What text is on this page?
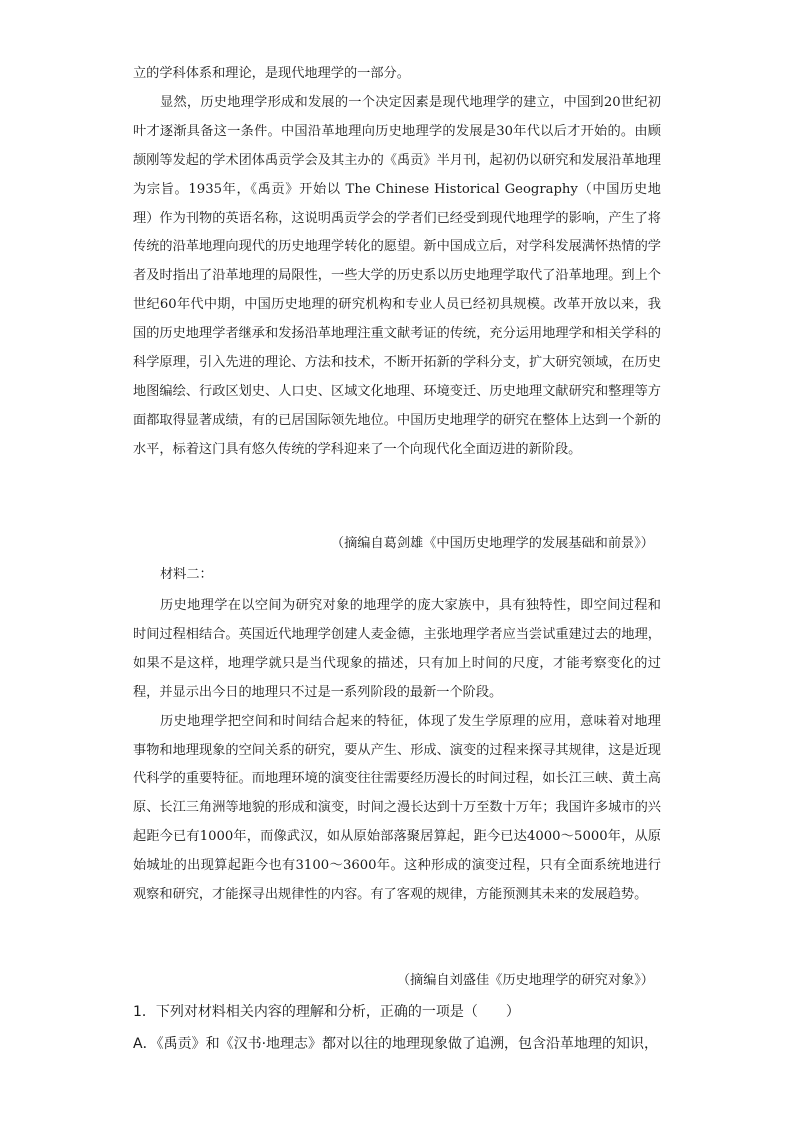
立的学科体系和理论，是现代地理学的一部分。

显然，历史地理学形成和发展的一个决定因素是现代地理学的建立，中国到20世纪初叶才逐渐具备这一条件。中国沿革地理向历史地理学的发展是30年代以后才开始的。由顾颉刚等发起的学术团体禹贡学会及其主办的《禹贡》半月刊，起初仍以研究和发展沿革地理为宗旨。1935年，《禹贡》开始以 The Chinese Historical Geography（中国历史地理）作为刊物的英语名称，这说明禹贡学会的学者们已经受到现代地理学的影响，产生了将传统的沿革地理向现代的历史地理学转化的愿望。新中国成立后，对学科发展满怀热情的学者及时指出了沿革地理的局限性，一些大学的历史系以历史地理学取代了沿革地理。到上个世纪60年代中期，中国历史地理的研究机构和专业人员已经初具规模。改革开放以来，我国的历史地理学者继承和发扬沿革地理注重文献考证的传统，充分运用地理学和相关学科的科学原理，引入先进的理论、方法和技术，不断开拓新的学科分支，扩大研究领域，在历史地图编绘、行政区划史、人口史、区域文化地理、环境变迁、历史地理文献研究和整理等方面都取得显著成绩，有的已居国际领先地位。中国历史地理学的研究在整体上达到一个新的水平，标着这门具有悠久传统的学科迎来了一个向现代化全面迈进的新阶段。

（摘编自葛剑雄《中国历史地理学的发展基础和前景》）
材料二：

历史地理学在以空间为研究对象的地理学的庞大家族中，具有独特性，即空间过程和时间过程相结合。英国近代地理学创建人麦金德，主张地理学者应当尝试重建过去的地理，如果不是这样，地理学就只是当代现象的描述，只有加上时间的尺度，才能考察变化的过程，并显示出今日的地理只不过是一系列阶段的最新一个阶段。

历史地理学把空间和时间结合起来的特征，体现了发生学原理的应用，意味着对地理事物和地理现象的空间关系的研究，要从产生、形成、演变的过程来探寻其规律，这是近现代科学的重要特征。而地理环境的演变往往需要经历漫长的时间过程，如长江三峡、黄土高原、长江三角洲等地貌的形成和演变，时间之漫长达到十万至数十万年；我国许多城市的兴起距今已有1000年，而像武汉，如从原始部落聚居算起，距今已达4000～5000年，从原始城址的出现算起距今也有3100～3600年。这种形成的演变过程，只有全面系统地进行观察和研究，才能探寻出规律性的内容。有了客观的规律，方能预测其未来的发展趋势。

（摘编自刘盛佳《历史地理学的研究对象》）
1．下列对材料相关内容的理解和分析，正确的一项是（　　）
A．《禹贡》和《汉书·地理志》都对以往的地理现象做了追溯，包含沿革地理的知识，
